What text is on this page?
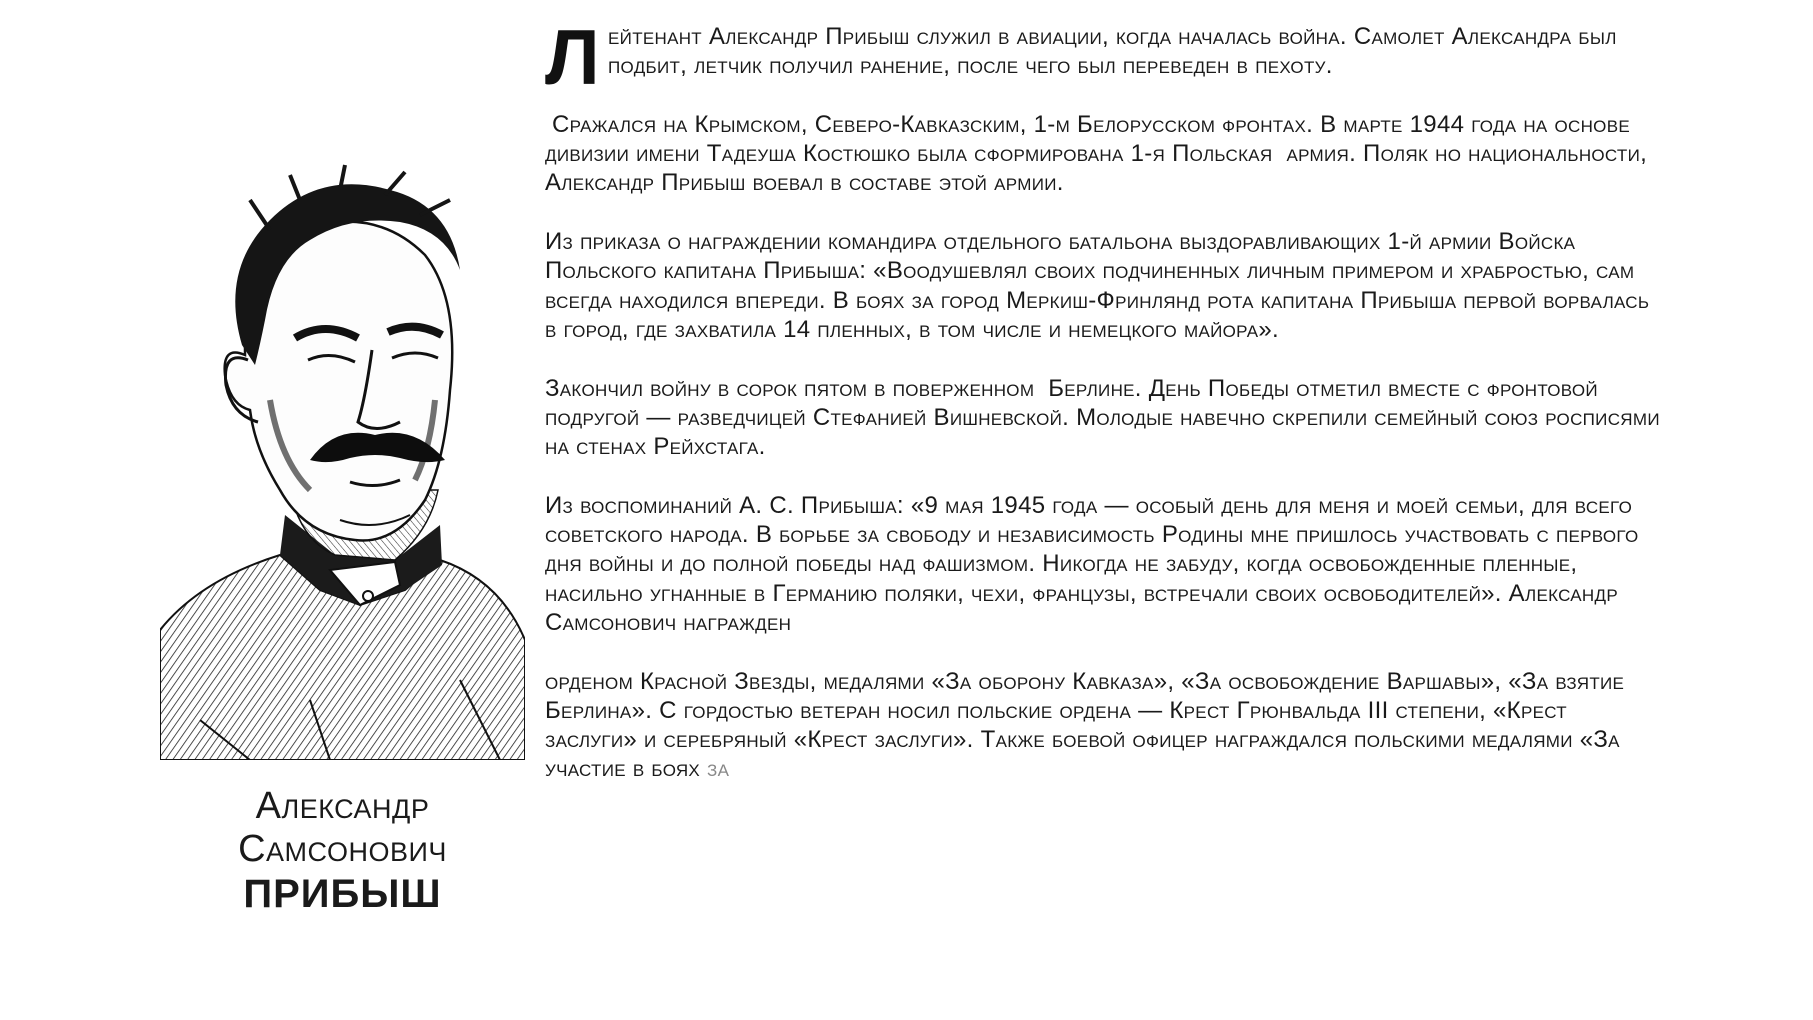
Александр
Самсонович
ПРИБЫШ

Лейтенант Александр Прибыш служил в авиации, когда началась война. Самолет Александра был подбит, летчик получил ранение, после чего был переведен в пехоту.

Сражался на Крымском, Северо-Кавказским, 1-м Белорусском фронтах. В марте 1944 года на основе дивизии имени Тадеуша Костюшко была сформирована 1-я Польская  армия. Поляк но национальности, Александр Прибыш воевал в составе этой армии.

Из приказа о награждении командира отдельного батальона выздоравливающих 1-й армии Войска Польского капитана Прибыша: «Воодушевлял своих подчиненных личным примером и храбростью, сам всегда находился впереди. В боях за город Меркиш-Фринлянд рота капитана Прибыша первой ворвалась в город, где захватила 14 пленных, в том числе и немецкого майора».

Закончил войну в сорок пятом в поверженном  Берлине. День Победы отметил вместе с фронтовой подругой — разведчицей Стефанией Вишневской. Молодые навечно скрепили семейный союз росписями на стенах Рейхстага.

Из воспоминаний А. С. Прибыша: «9 мая 1945 года — особый день для меня и моей семьи, для всего советского народа. В борьбе за свободу и независимость Родины мне пришлось участвовать с первого дня войны и до полной победы над фашизмом. Никогда не забуду, когда освобожденные пленные, насильно угнанные в Германию поляки, чехи, французы, встречали своих освободителей». Александр Самсонович награжден

орденом Красной Звезды, медалями «За оборону Кавказа», «За освобождение Варшавы», «За взятие Берлина». С гордостью ветеран носил польские ордена — Крест Грюнвальда III степени, «Крест заслуги» и серебряный «Крест заслуги». Также боевой офицер награждался польскими медалями «За участие в боях за
